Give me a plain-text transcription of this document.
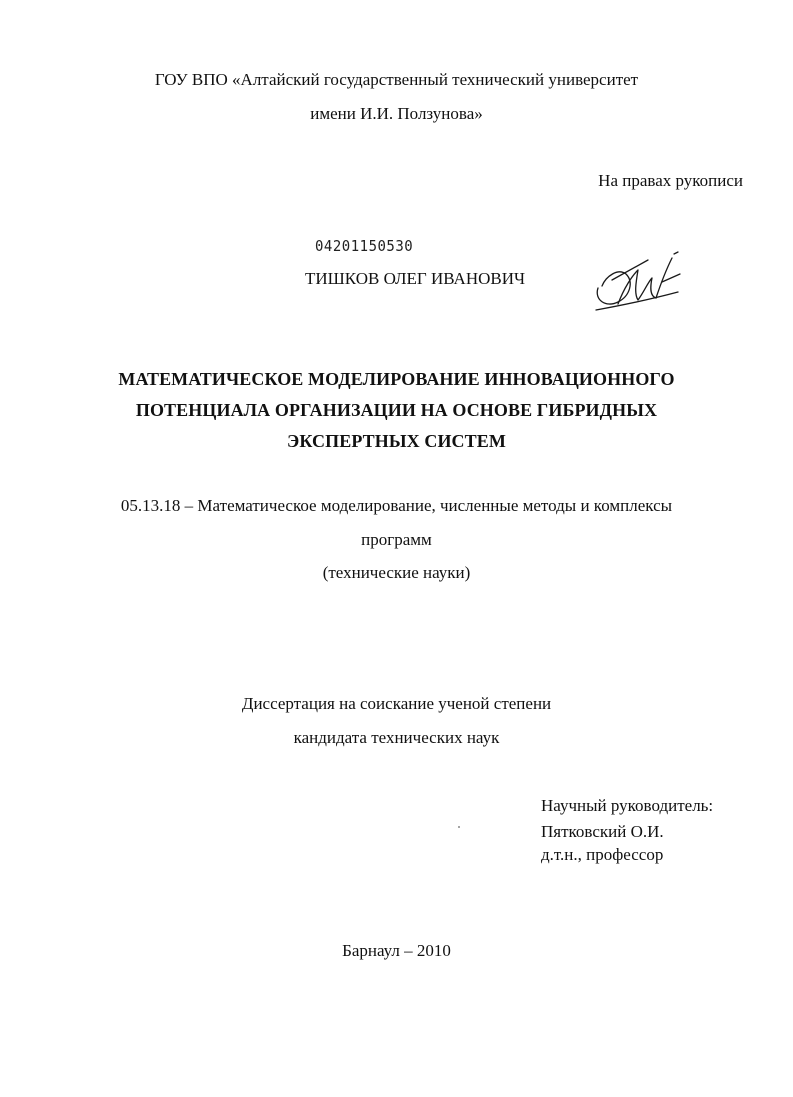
ГОУ ВПО «Алтайский государственный технический университет
имени И.И. Ползунова»
На правах рукописи
04201150530
ТИШКОВ ОЛЕГ ИВАНОВИЧ
МАТЕМАТИЧЕСКОЕ МОДЕЛИРОВАНИЕ ИННОВАЦИОННОГО
ПОТЕНЦИАЛА ОРГАНИЗАЦИИ НА ОСНОВЕ ГИБРИДНЫХ
ЭКСПЕРТНЫХ СИСТЕМ
05.13.18 – Математическое моделирование, численные методы и комплексы
программ
(технические науки)
Диссертация на соискание ученой степени
кандидата технических наук
Научный руководитель:
Пятковский О.И.
д.т.н., профессор
Барнаул – 2010
